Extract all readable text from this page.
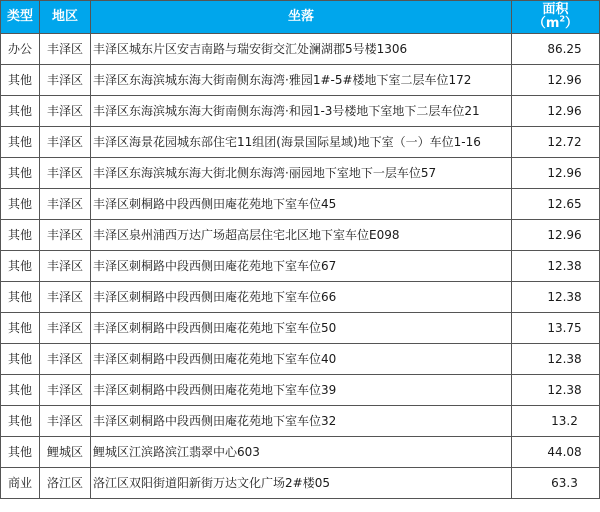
类型	地区	坐落	面积
$(m^2)$
办公	丰泽区	丰泽区城东片区安吉南路与瑞安街交汇处澜湖郡5号楼1306	86.25
其他	丰泽区	丰泽区东海滨城东海大街南侧东海湾·雅园1#-5#楼地下室二层车位172	12.96
其他	丰泽区	丰泽区东海滨城东海大街南侧东海湾·和园1-3号楼地下室地下二层车位21	12.96
其他	丰泽区	丰泽区海景花园城东部住宅11组团(海景国际星域)地下室（一）车位1-16	12.72
其他	丰泽区	丰泽区东海滨城东海大街北侧东海湾·丽园地下室地下一层车位57	12.96
其他	丰泽区	丰泽区刺桐路中段西侧田庵花苑地下室车位45	12.65
其他	丰泽区	丰泽区泉州浦西万达广场超高层住宅北区地下室车位E098	12.96
其他	丰泽区	丰泽区刺桐路中段西侧田庵花苑地下室车位67	12.38
其他	丰泽区	丰泽区刺桐路中段西侧田庵花苑地下室车位66	12.38
其他	丰泽区	丰泽区刺桐路中段西侧田庵花苑地下室车位50	13.75
其他	丰泽区	丰泽区刺桐路中段西侧田庵花苑地下室车位40	12.38
其他	丰泽区	丰泽区刺桐路中段西侧田庵花苑地下室车位39	12.38
其他	丰泽区	丰泽区刺桐路中段西侧田庵花苑地下室车位32	13.2
其他	鲤城区	鲤城区江滨路滨江翡翠中心603	44.08
商业	洛江区	洛江区双阳街道阳新街万达文化广场2#楼05	63.3
